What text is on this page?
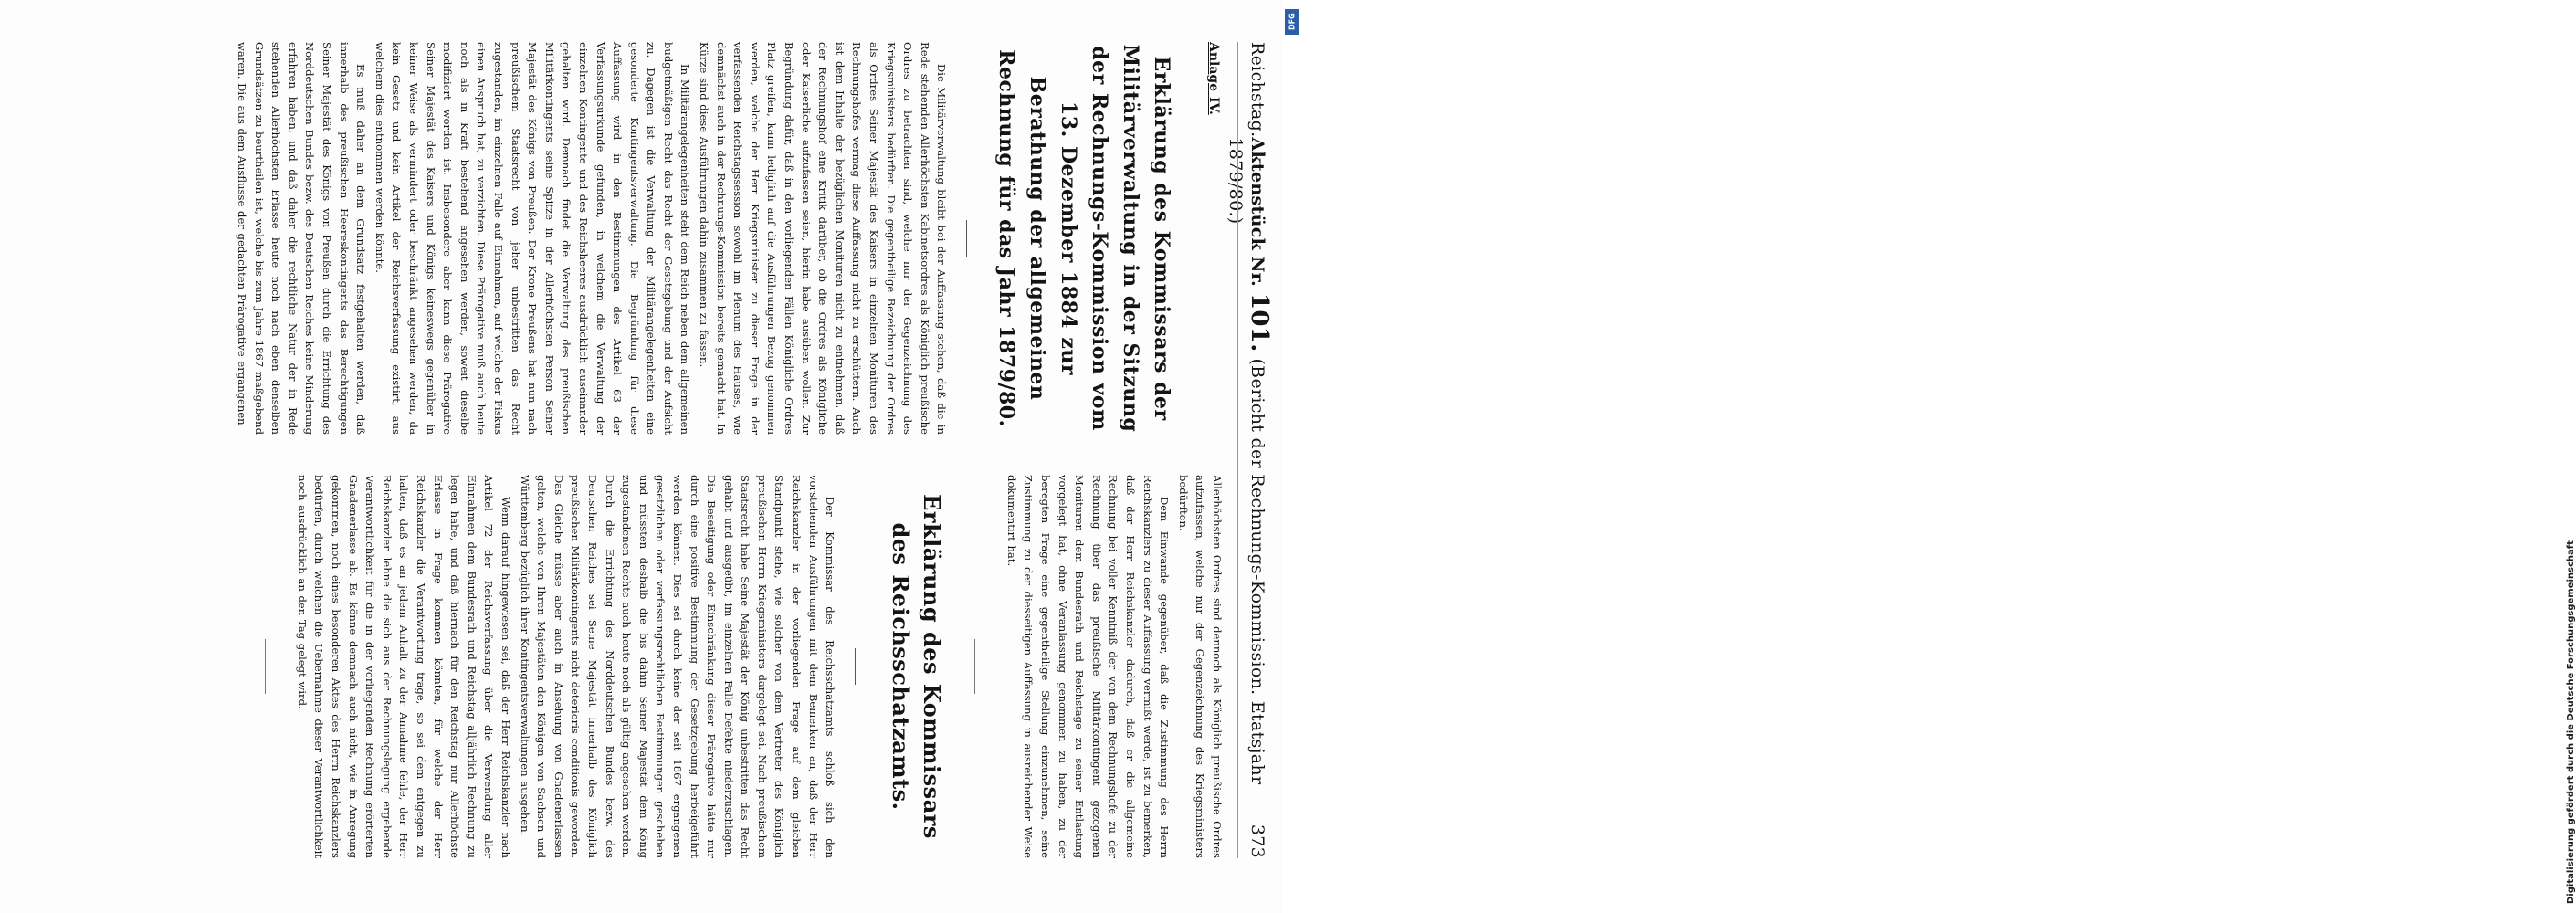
Reichstag.
Aktenstück Nr. 101. (Bericht der Rechnungs-Kommission. Etatsjahr 1879/80.)
373
Anlage IV.
Erklärung des Kommissars der Militärverwaltung in der Sitzung der Rechnungs-Kommission vom 13. Dezember 1884 zur Berathung der allgemeinen Rechnung für das Jahr 1879/80.

Die Militärverwaltung bleibt bei der Auffassung stehen, daß die in Rede stehenden Allerhöchsten Kabinetsordres als Königlich preußische Ordres zu betrachten sind, welche nur der Gegenzeichnung des Kriegsministers bedürften. Die gegentheilige Bezeichnung der Ordres als Ordres Seiner Majestät des Kaisers in einzelnen Monituren des Rechnungshofes vermag diese Auffassung nicht zu erschüttern. Auch ist dem Inhalte der bezüglichen Monituren nicht zu entnehmen, daß der Rechnungshof eine Kritik darüber, ob die Ordres als Königliche oder Kaiserliche aufzufassen seien, hierin habe ausüben wollen. Zur Begründung dafür, daß in den vorliegenden Fällen Königliche Ordres Platz greifen, kann lediglich auf die Ausführungen Bezug genommen werden, welche der Herr Kriegsminister zu dieser Frage in der verfassenden Reichstagssession sowohl im Plenum des Hauses, wie demnächst auch in der Rechnungs-Kommission bereits gemacht hat. In Kürze sind diese Ausführungen dahin zusammen zu fassen.

In Militärangelegenheiten steht dem Reich neben dem allgemeinen budgetmäßigen Recht das Recht der Gesetzgebung und der Aufsicht zu. Dagegen ist die Verwaltung der Militärangelegenheiten eine gesonderte Kontingentsverwaltung. Die Begründung für diese Auffassung wird in den Bestimmungen des Artikel 63 der Verfassungsurkunde gefunden, in welchem die Verwaltung der einzelnen Kontingente und des Reichsheeres ausdrücklich auseinander gehalten wird. Demnach findet die Verwaltung des preußischen Militärkontingents seine Spitze in der Allerhöchsten Person Seiner Majestät des Königs von Preußen. Der Krone Preußens hat nun nach preußischem Staatsrecht von jeher unbestritten das Recht zugestanden, im einzelnen Falle auf Einnahmen, auf welche der Fiskus einen Anspruch hat, zu verzichten. Diese Prärogative muß auch heute noch als in Kraft bestehend angesehen werden, soweit dieselbe modifiziert worden ist. Insbesondere aber kann diese Prärogative Seiner Majestät des Kaisers und Königs keineswegs gegenüber in keiner Weise als vermindert oder beschränkt angesehen werden, da kein Gesetz und kein Artikel der Reichsverfassung existirt, aus welchem dies entnommen werden könnte.

Es muß daher an dem Grundsatz festgehalten werden, daß innerhalb des preußischen Heereskontingents das Berechtigungen Seiner Majestät des Königs von Preußen durch die Errichtung des Norddeutschen Bundes bezw. des Deutschen Reiches keine Minderung erfahren haben, und daß daher die rechtliche Natur der in Rede stehenden Allerhöchsten Erlasse heute noch nach eben denselben Grundsätzen zu beurtheilen ist, welche bis zum Jahre 1867 maßgebend waren. Die aus dem Ausflusse der gedachten Prärogative ergangenen

Allerhöchsten Ordres sind dennoch als Königlich preußische Ordres aufzufassen, welche nur der Gegenzeichnung des Kriegsministers bedürften.

Dem Einwande gegenüber, daß die Zustimmung des Herrn Reichskanzlers zu dieser Auffassung vermißt werde, ist zu bemerken, daß der Herr Reichskanzler dadurch, daß er die allgemeine Rechnung bei voller Kenntniß der von dem Rechnungshofe zu der Rechnung über das preußische Militärkontingent gezogenen Monituren dem Bundesrath und Reichstage zu seiner Entlastung vorgelegt hat, ohne Veranlassung genommen zu haben, zu der beregten Frage eine gegentheilige Stellung einzunehmen, seine Zustimmung zu der diesseitigen Auffassung in ausreichender Weise dokumentirt hat.

Erklärung des Kommissars des Reichsschatzamts.

Der Kommissar des Reichsschatzamts schloß sich den vorstehenden Ausführungen mit dem Bemerken an, daß der Herr Reichskanzler in der vorliegenden Frage auf dem gleichen Standpunkt stehe, wie solcher von dem Vertreter des Königlich preußischen Herrn Kriegsministers dargelegt sei. Nach preußischem Staatsrecht habe Seine Majestät der König unbestritten das Recht gehabt und ausgeübt, im einzelnen Falle Defekte niederzuschlagen. Die Beseitigung oder Einschränkung dieser Prärogative hätte nur durch eine positive Bestimmung der Gesetzgebung herbeigeführt werden können. Dies sei durch keine der seit 1867 ergangenen gesetzlichen oder verfassungsrechtlichen Bestimmungen geschehen und müssten deshalb die bis dahin Seiner Majestät dem König zugestandenen Rechte auch heute noch als gültig angesehen werden. Durch die Errichtung des Norddeutschen Bundes bezw. des Deutschen Reiches sei Seine Majestät innerhalb des Königlich preußischen Militärkontingents nicht deterioris conditionis geworden. Das Gleiche müsse aber auch in Ansehung von Gnadenerlassen gelten, welche von Ihren Majestäten den Königen von Sachsen und Württemberg bezüglich ihrer Kontingentsverwaltungen ausgehen.

Wenn darauf hingewiesen sei, daß der Herr Reichskanzler nach Artikel 72 der Reichsverfassung über die Verwendung aller Einnahmen dem Bundesrath und Reichstag alljährlich Rechnung zu legen habe, und daß hiernach für den Reichstag nur Allerhöchste Erlasse in Frage kommen könnten, für welche der Herr Reichskanzler die Verantwortung trage, so sei dem entgegen zu halten, daß es an jedem Anhalt zu der Annahme fehle, der Herr Reichskanzler lehne die sich aus der Rechnungslegung ergebende Verantwortlichkeit für die in der vorliegenden Rechnung erörterten Gnadenerlasse ab. Es könne demnach auch nicht, wie in Anregung gekommen, noch eines besonderen Aktes des Herrn Reichskanzlers bedürfen, durch welchen die Uebernahme dieser Verantwortlichkeit noch ausdrücklich an den Tag gelegt wird.	Digitalisierung gefördert durch die Deutsche Forschungsgemeinschaft
DFG
